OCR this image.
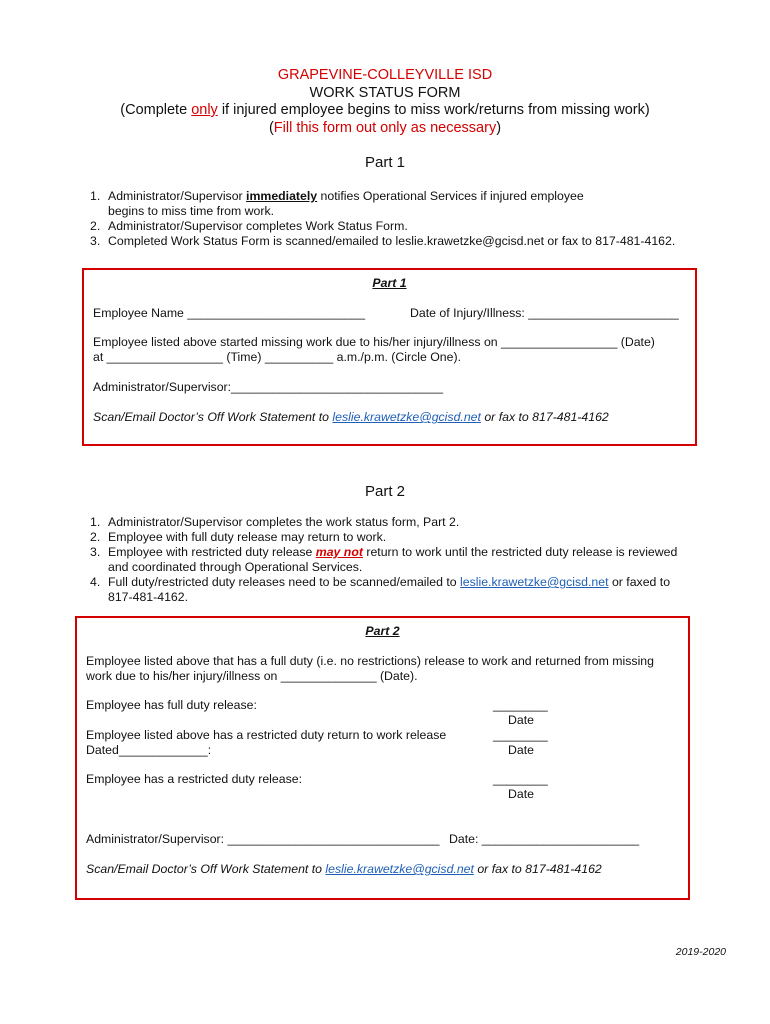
GRAPEVINE-COLLEYVILLE ISD
WORK STATUS FORM
(Complete only if injured employee begins to miss work/returns from missing work)
(Fill this form out only as necessary)
Part 1
1. Administrator/Supervisor immediately notifies Operational Services if injured employee
begins to miss time from work.
2. Administrator/Supervisor completes Work Status Form.
3. Completed Work Status Form is scanned/emailed to leslie.krawetzke@gcisd.net or fax to 817-481-4162.
Part 1
Employee Name __________________________	Date of Injury/Illness: ______________________
Employee listed above started missing work due to his/her injury/illness on _________________ (Date)
at _________________ (Time) __________ a.m./p.m. (Circle One).
Administrator/Supervisor:_______________________________
Scan/Email Doctor’s Off Work Statement to leslie.krawetzke@gcisd.net or fax to 817-481-4162
Part 2
1. Administrator/Supervisor completes the work status form, Part 2.
2. Employee with full duty release may return to work.
3. Employee with restricted duty release may not return to work until the restricted duty release is reviewed
and coordinated through Operational Services.
4. Full duty/restricted duty releases need to be scanned/emailed to leslie.krawetzke@gcisd.net or faxed to
817-481-4162.
Part 2
Employee listed above that has a full duty (i.e. no restrictions) release to work and returned from missing
work due to his/her injury/illness on ______________ (Date).
Employee has full duty release:	________
Date
Employee listed above has a restricted duty return to work release	________
Dated_____________:	Date
Employee has a restricted duty release:	________
Date
Administrator/Supervisor: _______________________________ Date: _______________________
Scan/Email Doctor’s Off Work Statement to leslie.krawetzke@gcisd.net or fax to 817-481-4162
2019-2020
